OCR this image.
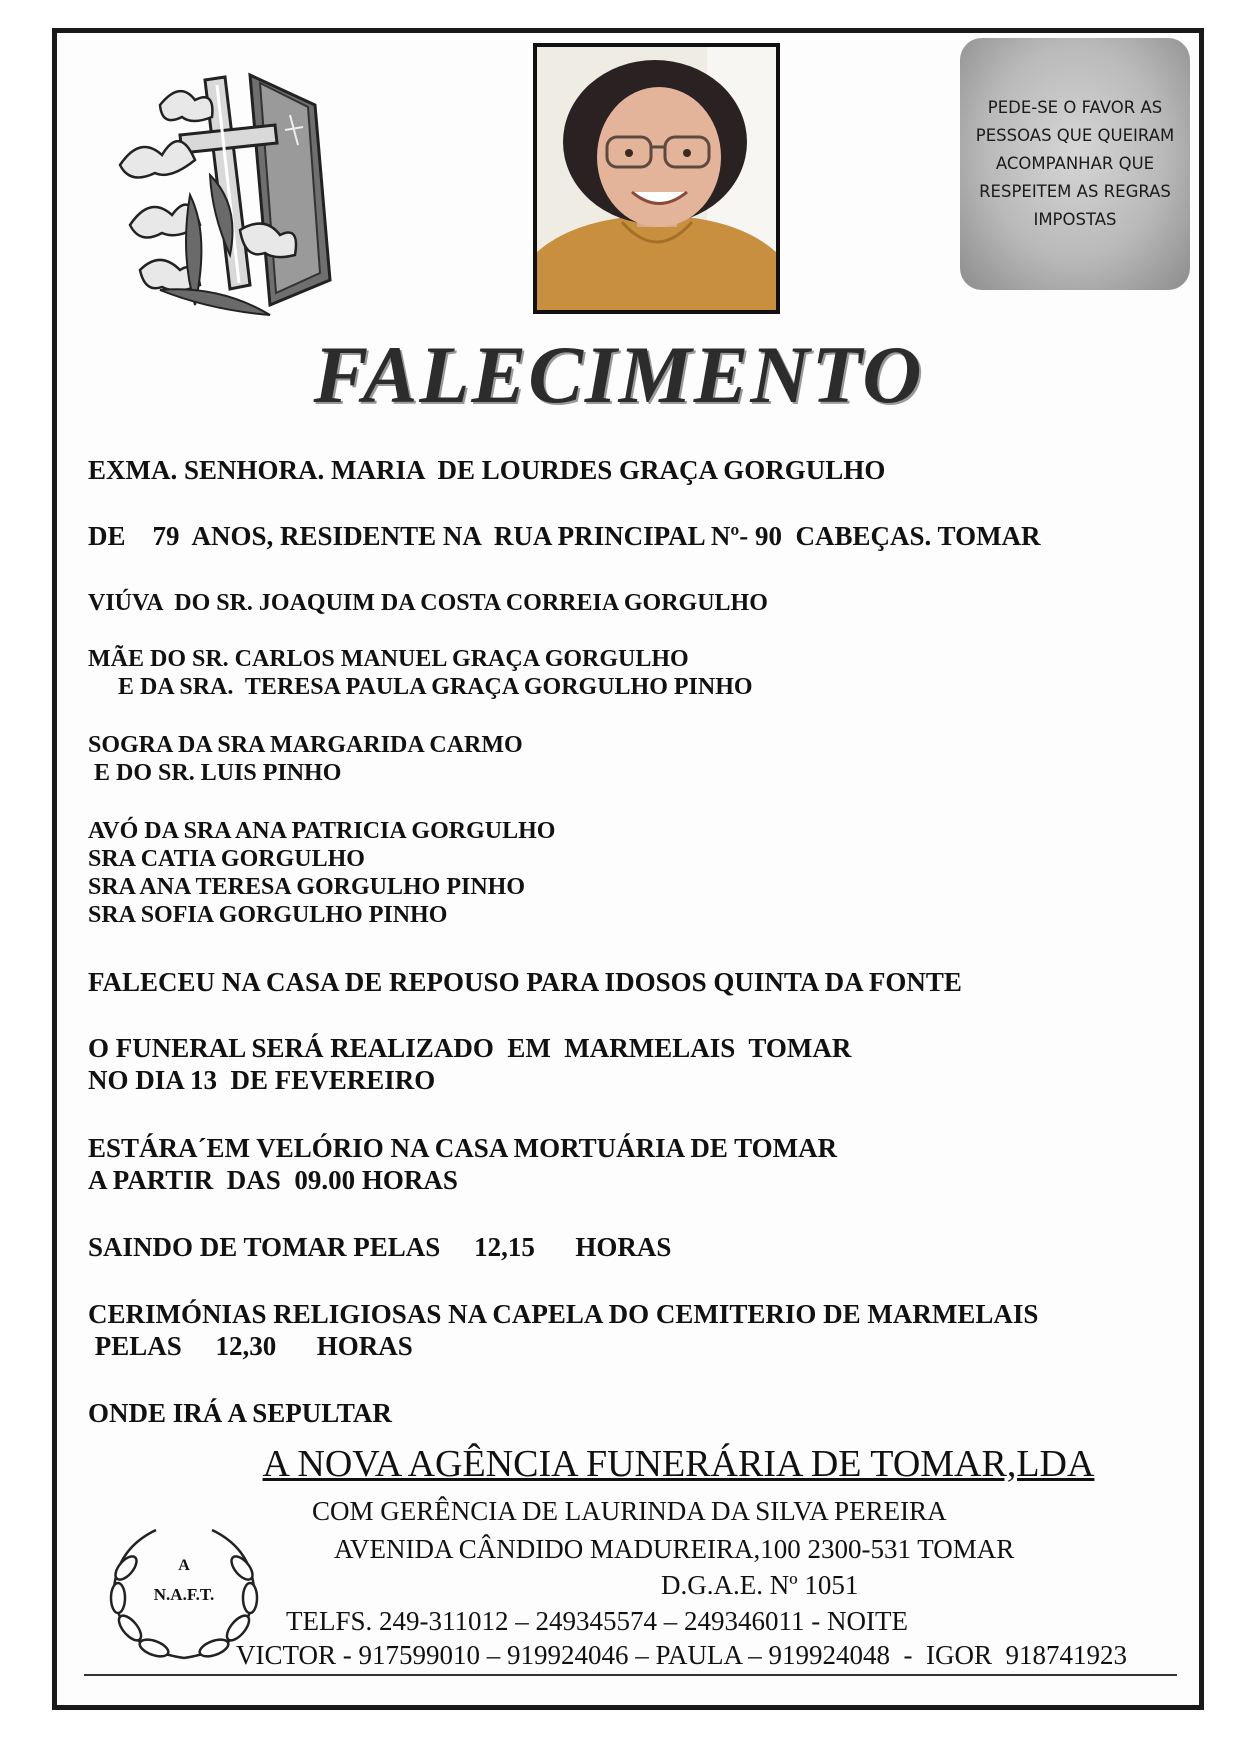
PEDE-SE O FAVOR AS PESSOAS QUE QUEIRAM ACOMPANHAR QUE RESPEITEM AS REGRAS IMPOSTAS
FALECIMENTO
EXMA. SENHORA. MARIA  DE LOURDES GRAÇA GORGULHO
DE    79  ANOS, RESIDENTE NA  RUA PRINCIPAL Nº- 90  CABEÇAS. TOMAR
VIÚVA  DO SR. JOAQUIM DA COSTA CORREIA GORGULHO
MÃE DO SR. CARLOS MANUEL GRAÇA GORGULHO
E DA SRA.  TERESA PAULA GRAÇA GORGULHO PINHO
SOGRA DA SRA MARGARIDA CARMO
E DO SR. LUIS PINHO
AVÓ DA SRA ANA PATRICIA GORGULHO
SRA CATIA GORGULHO
SRA ANA TERESA GORGULHO PINHO
SRA SOFIA GORGULHO PINHO
FALECEU NA CASA DE REPOUSO PARA IDOSOS QUINTA DA FONTE
O FUNERAL SERÁ REALIZADO  EM  MARMELAIS  TOMAR
NO DIA 13  DE FEVEREIRO
ESTÁRA´EM VELÓRIO NA CASA MORTUÁRIA DE TOMAR
A PARTIR  DAS  09.00 HORAS
SAINDO DE TOMAR PELAS     12,15      HORAS
CERIMÓNIAS RELIGIOSAS NA CAPELA DO CEMITERIO DE MARMELAIS
PELAS     12,30      HORAS
ONDE IRÁ A SEPULTAR
A NOVA AGÊNCIA FUNERÁRIA DE TOMAR,LDA
COM GERÊNCIA DE LAURINDA DA SILVA PEREIRA
AVENIDA CÂNDIDO MADUREIRA,100 2300-531 TOMAR
D.G.A.E. Nº 1051
TELFS. 249-311012 – 249345574 – 249346011 - NOITE
VICTOR - 917599010 – 919924046 – PAULA – 919924048  -  IGOR  918741923
A
N.A.F.T.
